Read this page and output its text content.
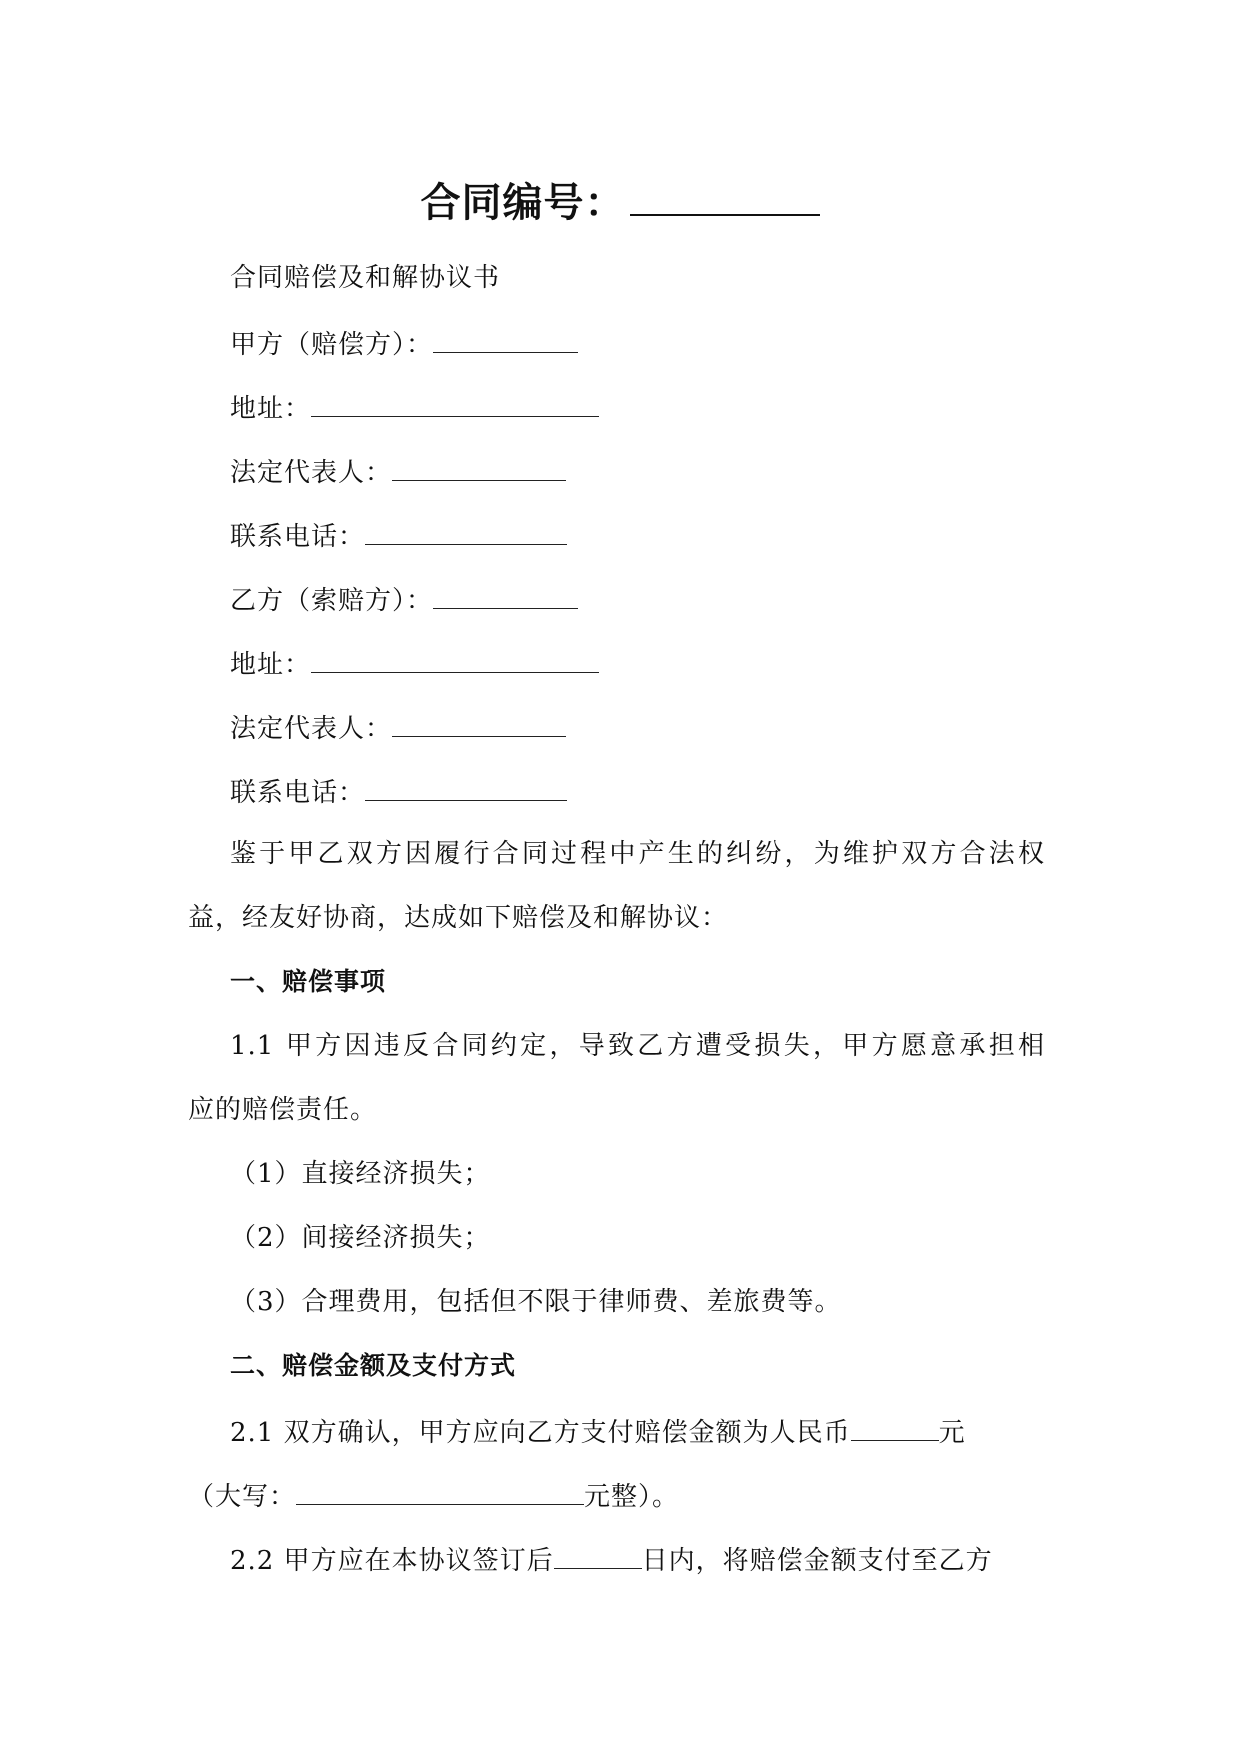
合同编号：
合同赔偿及和解协议书
甲方（赔偿方）：
地址：
法定代表人：
联系电话：
乙方（索赔方）：
地址：
法定代表人：
联系电话：
鉴于甲乙双方因履行合同过程中产生的纠纷，为维护双方合法权
益，经友好协商，达成如下赔偿及和解协议：
一、赔偿事项
1.1 甲方因违反合同约定，导致乙方遭受损失，甲方愿意承担相
应的赔偿责任。
（1）直接经济损失；
（2）间接经济损失；
（3）合理费用，包括但不限于律师费、差旅费等。
二、赔偿金额及支付方式
2.1 双方确认，甲方应向乙方支付赔偿金额为人民币	元
（大写：	元整）。
2.2 甲方应在本协议签订后	日内，将赔偿金额支付至乙方
